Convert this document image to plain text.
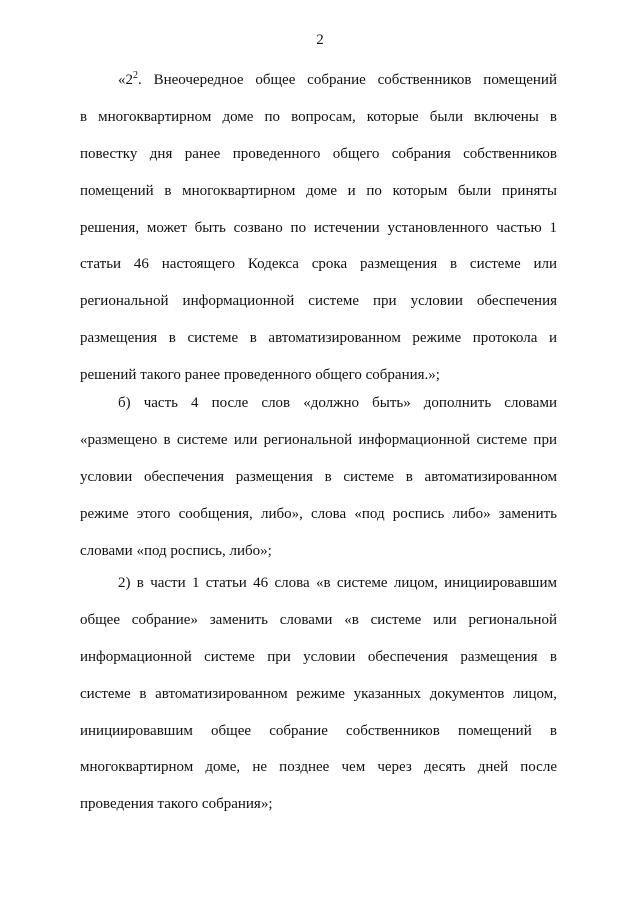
2
«$2^2$. Внеочередное общее собрание собственников помещений
в многоквартирном доме по вопросам, которые были включены в
повестку дня ранее проведенного общего собрания собственников
помещений в многоквартирном доме и по которым были приняты
решения, может быть созвано по истечении установленного частью 1
статьи 46 настоящего Кодекса срока размещения в системе или
региональной информационной системе при условии обеспечения
размещения в системе в автоматизированном режиме протокола и
решений такого ранее проведенного общего собрания.»;
б) часть 4 после слов «должно быть» дополнить словами
«размещено в системе или региональной информационной системе при
условии обеспечения размещения в системе в автоматизированном
режиме этого сообщения, либо», слова «под роспись либо» заменить
словами «под роспись, либо»;
2) в части 1 статьи 46 слова «в системе лицом, инициировавшим
общее собрание» заменить словами «в системе или региональной
информационной системе при условии обеспечения размещения в
системе в автоматизированном режиме указанных документов лицом,
инициировавшим общее собрание собственников помещений в
многоквартирном доме, не позднее чем через десять дней после
проведения такого собрания»;
